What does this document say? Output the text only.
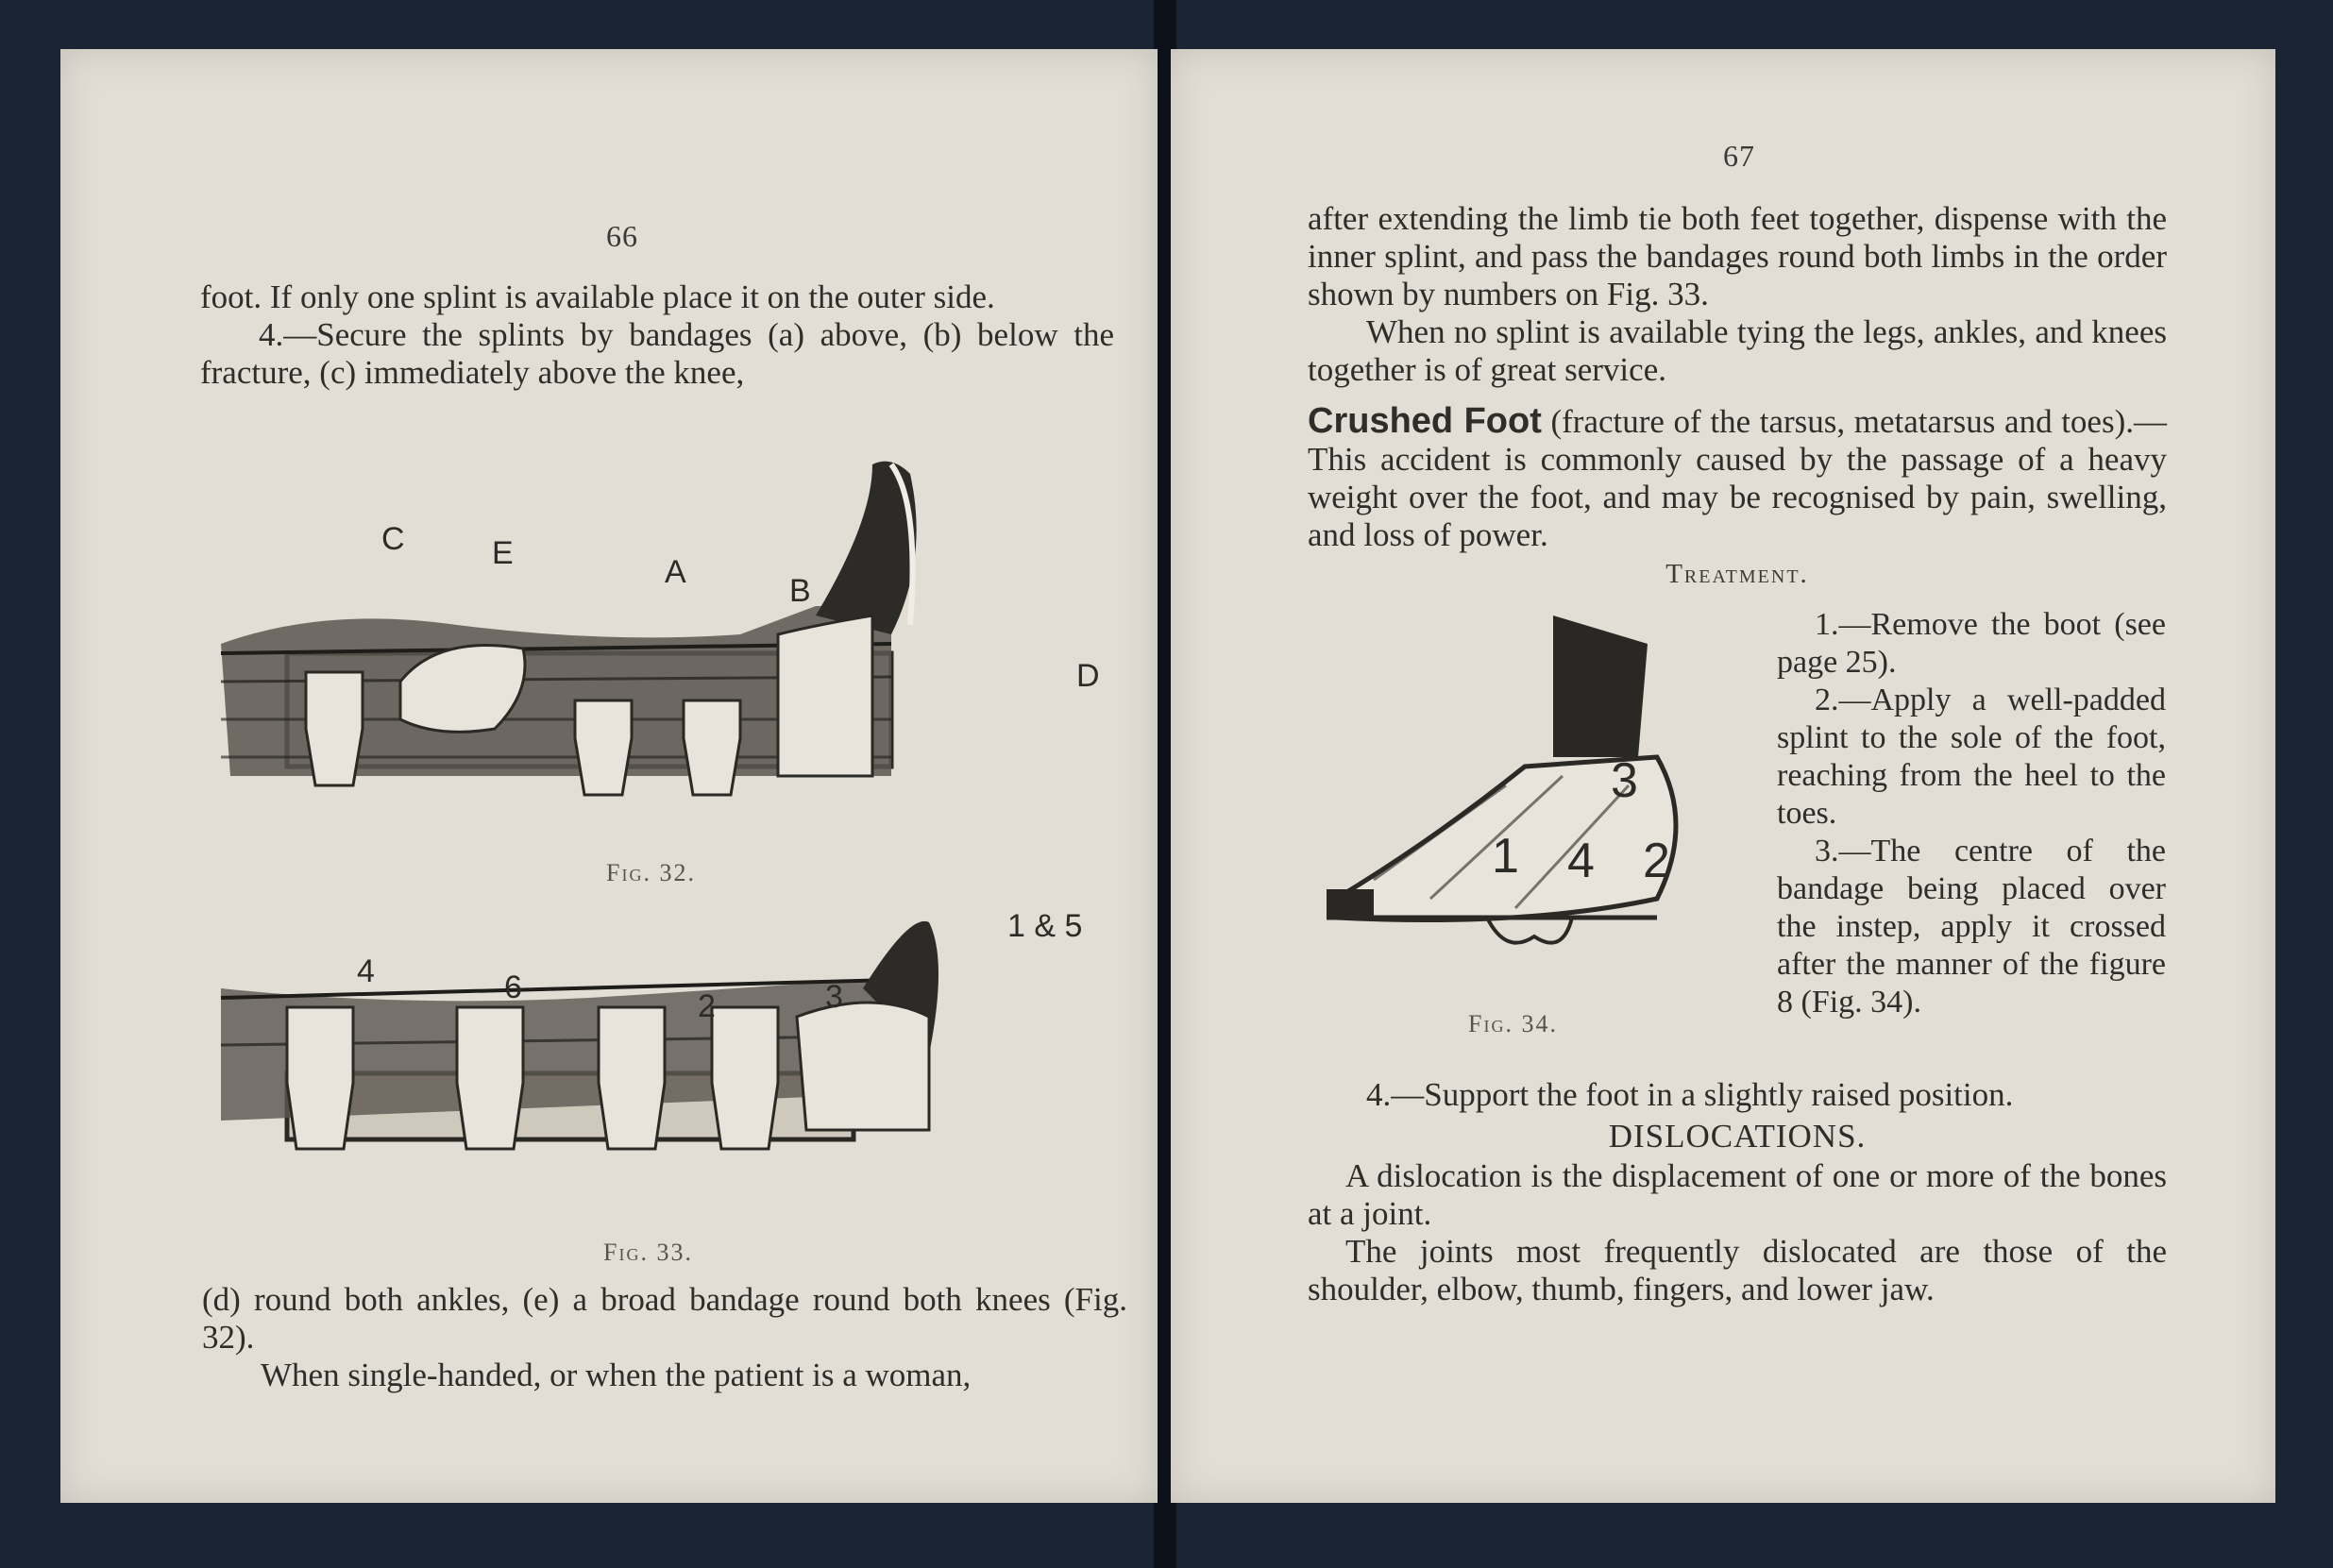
66

foot. If only one splint is available place it on the outer side.

4.—Secure the splints by bandages (a) above, (b) below the fracture, (c) immediately above the knee,

C	E
A
B
D
Fig. 32.
1 & 5
4	6
2	3
Fig. 33.

(d) round both ankles, (e) a broad bandage round both knees (Fig. 32).

When single-handed, or when the patient is a woman,

67

after extending the limb tie both feet together, dispense with the inner splint, and pass the bandages round both limbs in the order shown by numbers on Fig. 33.

When no splint is available tying the legs, ankles, and knees together is of great service.

Crushed Foot (fracture of the tarsus, metatarsus and toes).—This accident is commonly caused by the passage of a heavy weight over the foot, and may be recognised by pain, swelling, and loss of power.

Treatment.
3
1 4 2
Fig. 34.

1.—Remove the boot (see page 25).

2.—Apply a well-padded splint to the sole of the foot, reaching from the heel to the toes.

3.—The centre of the bandage being placed over the instep, apply it crossed after the manner of the figure 8 (Fig. 34).

4.—Support the foot in a slightly raised position.

DISLOCATIONS.

A dislocation is the displacement of one or more of the bones at a joint.

The joints most frequently dislocated are those of the shoulder, elbow, thumb, fingers, and lower jaw.
